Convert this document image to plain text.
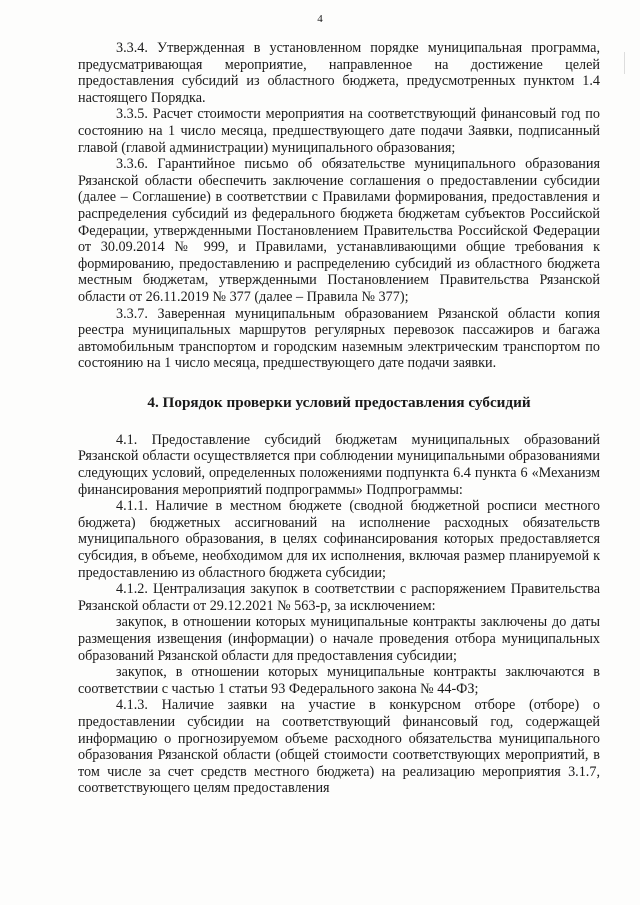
4

3.3.4. Утвержденная в установленном порядке муниципальная программа, предусматривающая мероприятие, направленное на достижение целей предоставления субсидий из областного бюджета, предусмотренных пунктом 1.4 настоящего Порядка.

3.3.5. Расчет стоимости мероприятия на соответствующий финансовый год по состоянию на 1 число месяца, предшествующего дате подачи Заявки, подписанный главой (главой администрации) муниципального образования;

3.3.6. Гарантийное письмо об обязательстве муниципального образования Рязанской области обеспечить заключение соглашения о предоставлении субсидии (далее – Соглашение) в соответствии с Правилами формирования, предоставления и распределения субсидий из федерального бюджета бюджетам субъектов Российской Федерации, утвержденными Постановлением Правительства Российской Федерации от 30.09.2014 № 999, и Правилами, устанавливающими общие требования к формированию, предоставлению и распределению субсидий из областного бюджета местным бюджетам, утвержденными Постановлением Правительства Рязанской области от 26.11.2019 № 377 (далее – Правила № 377);

3.3.7. Заверенная муниципальным образованием Рязанской области копия реестра муниципальных маршрутов регулярных перевозок пассажиров и багажа автомобильным транспортом и городским наземным электрическим транспортом по состоянию на 1 число месяца, предшествующего дате подачи заявки.

4. Порядок проверки условий предоставления субсидий

4.1. Предоставление субсидий бюджетам муниципальных образований Рязанской области осуществляется при соблюдении муниципальными образованиями следующих условий, определенных положениями подпункта 6.4 пункта 6 «Механизм финансирования мероприятий подпрограммы» Подпрограммы:

4.1.1. Наличие в местном бюджете (сводной бюджетной росписи местного бюджета) бюджетных ассигнований на исполнение расходных обязательств муниципального образования, в целях софинансирования которых предоставляется субсидия, в объеме, необходимом для их исполнения, включая размер планируемой к предоставлению из областного бюджета субсидии;

4.1.2. Централизация закупок в соответствии с распоряжением Правительства Рязанской области от 29.12.2021 № 563-р, за исключением:

закупок, в отношении которых муниципальные контракты заключены до даты размещения извещения (информации) о начале проведения отбора муниципальных образований Рязанской области для предоставления субсидии;

закупок, в отношении которых муниципальные контракты заключаются в соответствии с частью 1 статьи 93 Федерального закона № 44-ФЗ;

4.1.3. Наличие заявки на участие в конкурсном отборе (отборе) о предоставлении субсидии на соответствующий финансовый год, содержащей информацию о прогнозируемом объеме расходного обязательства муниципального образования Рязанской области (общей стоимости соответствующих мероприятий, в том числе за счет средств местного бюджета) на реализацию мероприятия 3.1.7, соответствующего целям предоставления
